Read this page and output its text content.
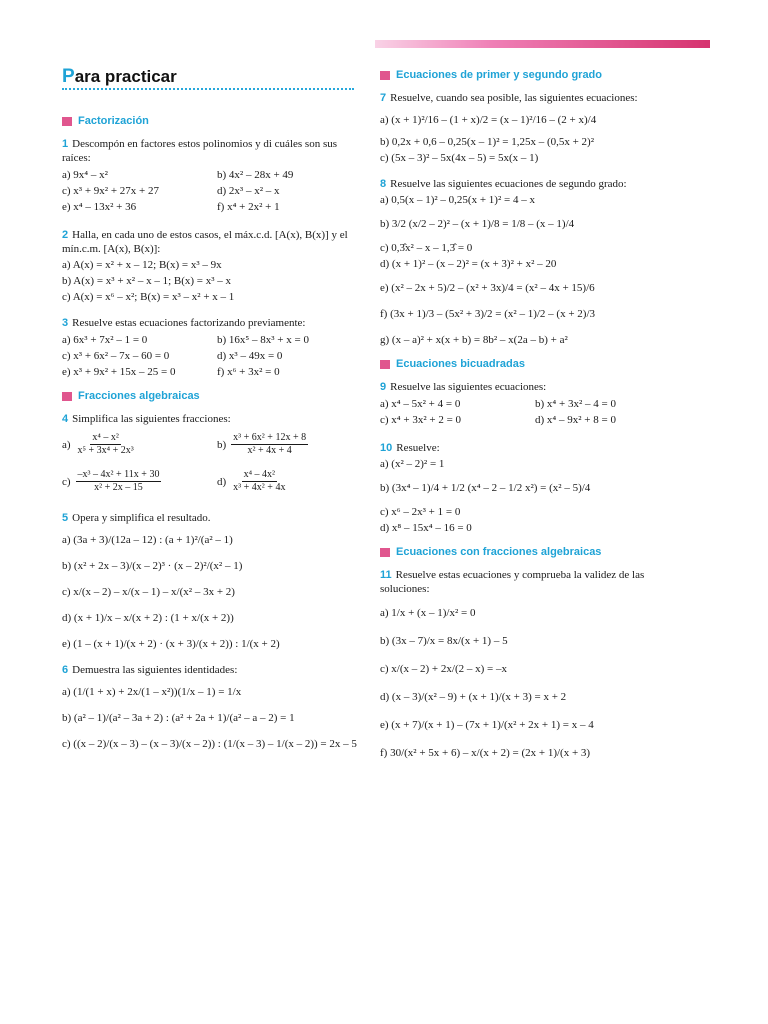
Para practicar
Factorización
1 Descompón en factores estos polinomios y di cuáles son sus raíces:
a) 9x⁴ – x²	b) 4x² – 28x + 49
c) x³ + 9x² + 27x + 27	d) 2x³ – x² – x
e) x⁴ – 13x² + 36	f) x⁴ + 2x² + 1
2 Halla, en cada uno de estos casos, el máx.c.d. [A(x), B(x)] y el mín.c.m. [A(x), B(x)]:
a) A(x) = x² + x – 12; B(x) = x³ – 9x
b) A(x) = x³ + x² – x – 1; B(x) = x³ – x
c) A(x) = x⁶ – x²; B(x) = x³ – x² + x – 1
3 Resuelve estas ecuaciones factorizando previamente:
a) 6x³ + 7x² – 1 = 0	b) 16x⁵ – 8x³ + x = 0
c) x³ + 6x² – 7x – 60 = 0	d) x³ – 49x = 0
e) x³ + 9x² + 15x – 25 = 0	f) x⁶ + 3x² = 0
Fracciones algebraicas
4 Simplifica las siguientes fracciones:
$a) \frac{\text{x⁴ – x²}}{\text{x⁵ + 3x⁴ + 2x³}}$	$b) \frac{\text{x³ + 6x² + 12x + 8}}{\text{x² + 4x + 4}}$
$c) \frac{\text{–x³ – 4x² + 11x + 30}}{\text{x² + 2x – 15}}$	$d) \frac{\text{x⁴ – 4x²}}{\text{x³ + 4x² + 4x}}$
5 Opera y simplifica el resultado.
a) (3a + 3)/(12a – 12) : (a + 1)²/(a² – 1)
b) (x² + 2x – 3)/(x – 2)³ · (x – 2)²/(x² – 1)
c) x/(x – 2) – x/(x – 1) – x/(x² – 3x + 2)
d) (x + 1)/x – x/(x + 2) : (1 + x/(x + 2))
e) (1 – (x + 1)/(x + 2) · (x + 3)/(x + 2)) : 1/(x + 2)
6 Demuestra las siguientes identidades:
a) (1/(1 + x) + 2x/(1 – x²))(1/x – 1) = 1/x
b) (a² – 1)/(a² – 3a + 2) : (a² + 2a + 1)/(a² – a – 2) = 1
c) ((x – 2)/(x – 3) – (x – 3)/(x – 2)) : (1/(x – 3) – 1/(x – 2)) = 2x – 5
Ecuaciones de primer y segundo grado
7 Resuelve, cuando sea posible, las siguientes ecuaciones:
a) (x + 1)²/16 – (1 + x)/2 = (x – 1)²/16 – (2 + x)/4
b) 0,2x + 0,6 – 0,25(x – 1)² = 1,25x – (0,5x + 2)²
c) (5x – 3)² – 5x(4x – 5) = 5x(x – 1)
8 Resuelve las siguientes ecuaciones de segundo grado:
a) 0,5(x – 1)² – 0,25(x + 1)² = 4 – x
b) 3/2 (x/2 – 2)² – (x + 1)/8 = 1/8 – (x – 1)/4
c) 0,3̂x² – x – 1,3̂ = 0
d) (x + 1)² – (x – 2)² = (x + 3)² + x² – 20
e) (x² – 2x + 5)/2 – (x² + 3x)/4 = (x² – 4x + 15)/6
f) (3x + 1)/3 – (5x² + 3)/2 = (x² – 1)/2 – (x + 2)/3
g) (x – a)² + x(x + b) = 8b² – x(2a – b) + a²
Ecuaciones bicuadradas
9 Resuelve las siguientes ecuaciones:
a) x⁴ – 5x² + 4 = 0	b) x⁴ + 3x² – 4 = 0
c) x⁴ + 3x² + 2 = 0	d) x⁴ – 9x² + 8 = 0
10 Resuelve:
a) (x² – 2)² = 1
b) (3x⁴ – 1)/4 + 1/2 (x⁴ – 2 – 1/2 x²) = (x² – 5)/4
c) x⁶ – 2x³ + 1 = 0
d) x⁸ – 15x⁴ – 16 = 0
Ecuaciones con fracciones algebraicas
11 Resuelve estas ecuaciones y comprueba la validez de las soluciones:
a) 1/x + (x – 1)/x² = 0
b) (3x – 7)/x = 8x/(x + 1) – 5
c) x/(x – 2) + 2x/(2 – x) = –x
d) (x – 3)/(x² – 9) + (x + 1)/(x + 3) = x + 2
e) (x + 7)/(x + 1) – (7x + 1)/(x² + 2x + 1) = x – 4
f) 30/(x² + 5x + 6) – x/(x + 2) = (2x + 1)/(x + 3)
